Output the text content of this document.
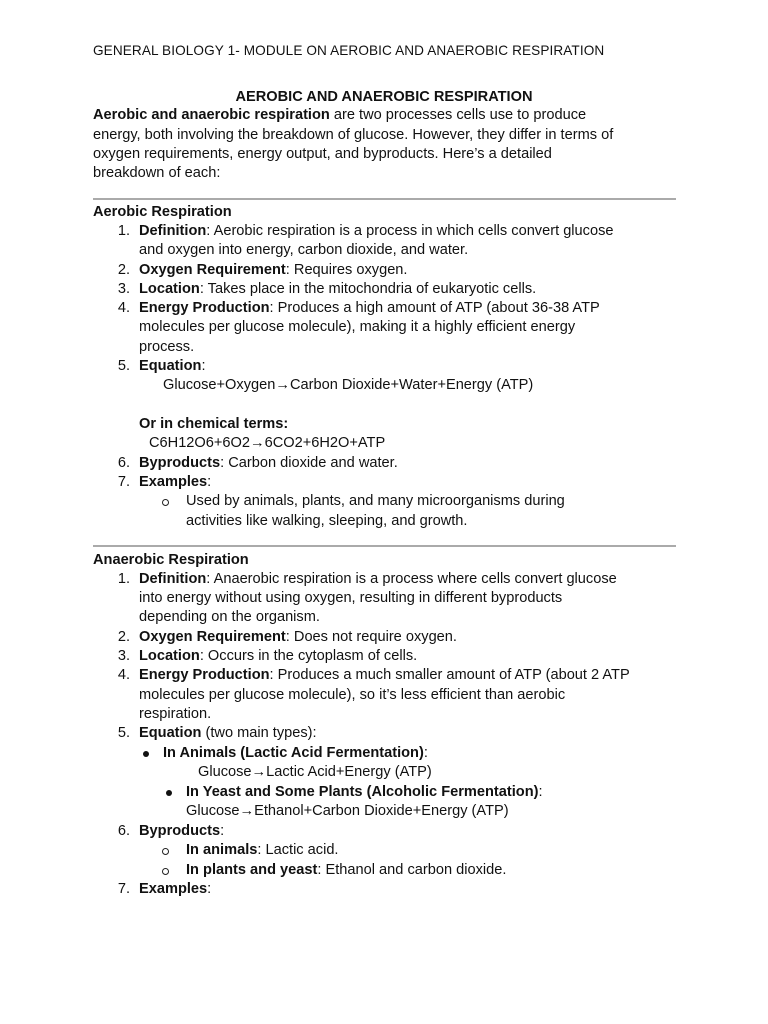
GENERAL BIOLOGY 1- MODULE ON AEROBIC AND ANAEROBIC RESPIRATION
AEROBIC AND ANAEROBIC RESPIRATION
Aerobic and anaerobic respiration are two processes cells use to produce
energy, both involving the breakdown of glucose. However, they differ in terms of
oxygen requirements, energy output, and byproducts. Here’s a detailed
breakdown of each:
Aerobic Respiration
1. Definition: Aerobic respiration is a process in which cells convert glucose
and oxygen into energy, carbon dioxide, and water.
2. Oxygen Requirement: Requires oxygen.
3. Location: Takes place in the mitochondria of eukaryotic cells.
4. Energy Production: Produces a high amount of ATP (about 36-38 ATP
molecules per glucose molecule), making it a highly efficient energy
process.
5. Equation:
Glucose+Oxygen→Carbon Dioxide+Water+Energy (ATP)
Or in chemical terms:
C6H12O6+6O2→6CO2+6H2O+ATP
6. Byproducts: Carbon dioxide and water.
7. Examples:
Used by animals, plants, and many microorganisms during
activities like walking, sleeping, and growth.
Anaerobic Respiration
1. Definition: Anaerobic respiration is a process where cells convert glucose
into energy without using oxygen, resulting in different byproducts
depending on the organism.
2. Oxygen Requirement: Does not require oxygen.
3. Location: Occurs in the cytoplasm of cells.
4. Energy Production: Produces a much smaller amount of ATP (about 2 ATP
molecules per glucose molecule), so it’s less efficient than aerobic
respiration.
5. Equation (two main types):
In Animals (Lactic Acid Fermentation):
Glucose→Lactic Acid+Energy (ATP)
In Yeast and Some Plants (Alcoholic Fermentation):
Glucose→Ethanol+Carbon Dioxide+Energy (ATP)
6. Byproducts:
In animals: Lactic acid.
In plants and yeast: Ethanol and carbon dioxide.
7. Examples:
